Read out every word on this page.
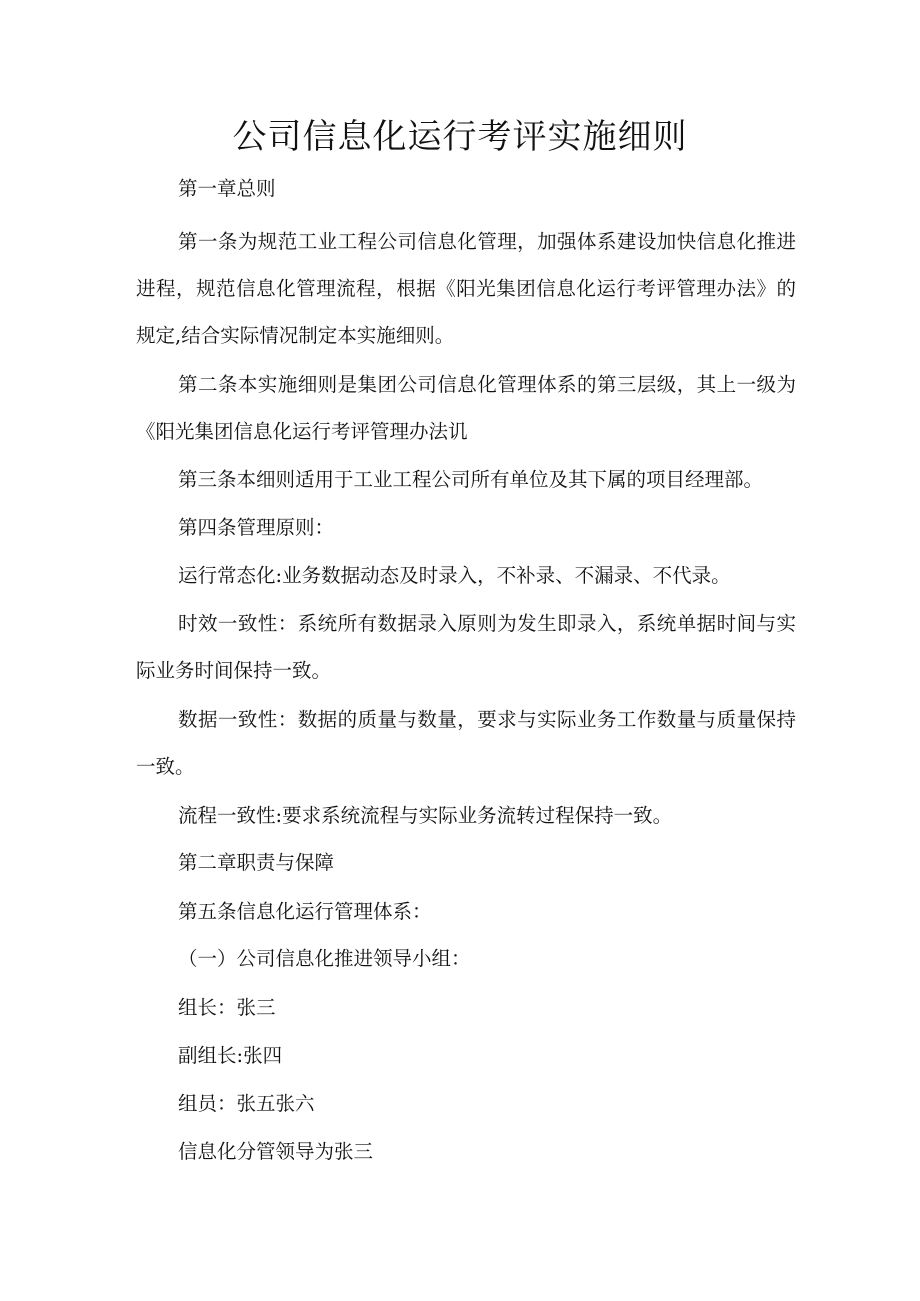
公司信息化运行考评实施细则

第一章总则

第一条为规范工业工程公司信息化管理，加强体系建设加快信息化推进进程，规范信息化管理流程，根据《阳光集团信息化运行考评管理办法》的规定,结合实际情况制定本实施细则。

第二条本实施细则是集团公司信息化管理体系的第三层级，其上一级为《阳光集团信息化运行考评管理办法讥

第三条本细则适用于工业工程公司所有单位及其下属的项目经理部。

第四条管理原则：

运行常态化:业务数据动态及时录入，不补录、不漏录、不代录。

时效一致性：系统所有数据录入原则为发生即录入，系统单据时间与实际业务时间保持一致。

数据一致性：数据的质量与数量，要求与实际业务工作数量与质量保持一致。

流程一致性:要求系统流程与实际业务流转过程保持一致。

第二章职责与保障

第五条信息化运行管理体系：

（一）公司信息化推进领导小组：

组长：张三

副组长:张四

组员：张五张六

信息化分管领导为张三
